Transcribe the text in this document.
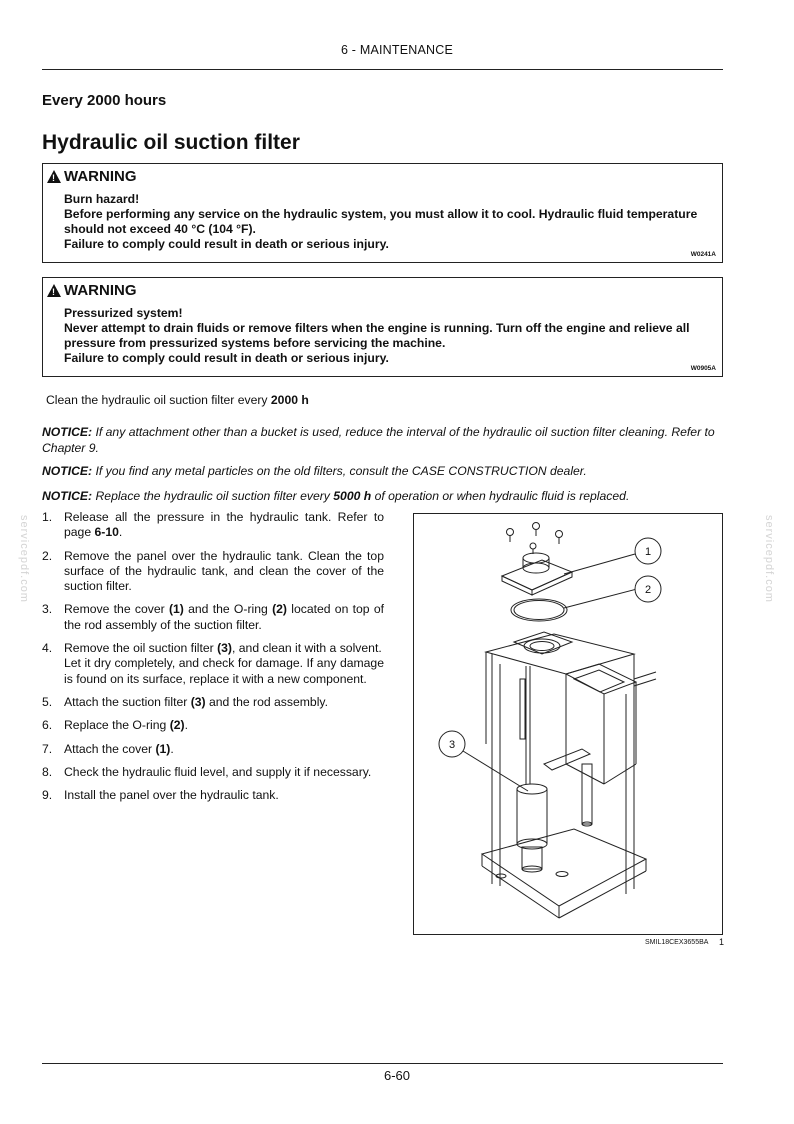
6 - MAINTENANCE
Every 2000 hours
Hydraulic oil suction filter
! WARNING
Burn hazard!
Before performing any service on the hydraulic system, you must allow it to cool. Hydraulic fluid temperature should not exceed 40 °C (104 °F).
Failure to comply could result in death or serious injury.
W0241A
! WARNING
Pressurized system!
Never attempt to drain fluids or remove filters when the engine is running. Turn off the engine and relieve all pressure from pressurized systems before servicing the machine.
Failure to comply could result in death or serious injury.
W0905A
Clean the hydraulic oil suction filter every 2000 h
NOTICE: If any attachment other than a bucket is used, reduce the interval of the hydraulic oil suction filter cleaning. Refer to Chapter 9.
NOTICE: If you find any metal particles on the old filters, consult the CASE CONSTRUCTION dealer.
NOTICE: Replace the hydraulic oil suction filter every 5000 h of operation or when hydraulic fluid is replaced.
1. Release all the pressure in the hydraulic tank. Refer to page 6-10.
2. Remove the panel over the hydraulic tank. Clean the top surface of the hydraulic tank, and clean the cover of the suction filter.
3. Remove the cover (1) and the O-ring (2) located on top of the rod assembly of the suction filter.
4. Remove the oil suction filter (3), and clean it with a solvent.
Let it dry completely, and check for damage. If any damage is found on its surface, replace it with a new component.
5. Attach the suction filter (3) and the rod assembly.
6. Replace the O-ring (2).
7. Attach the cover (1).
8. Check the hydraulic fluid level, and supply it if necessary.
9. Install the panel over the hydraulic tank.
1
2
3
SMIL18CEX3655BA 1
servicepdf.com	servicepdf.com
6-60
